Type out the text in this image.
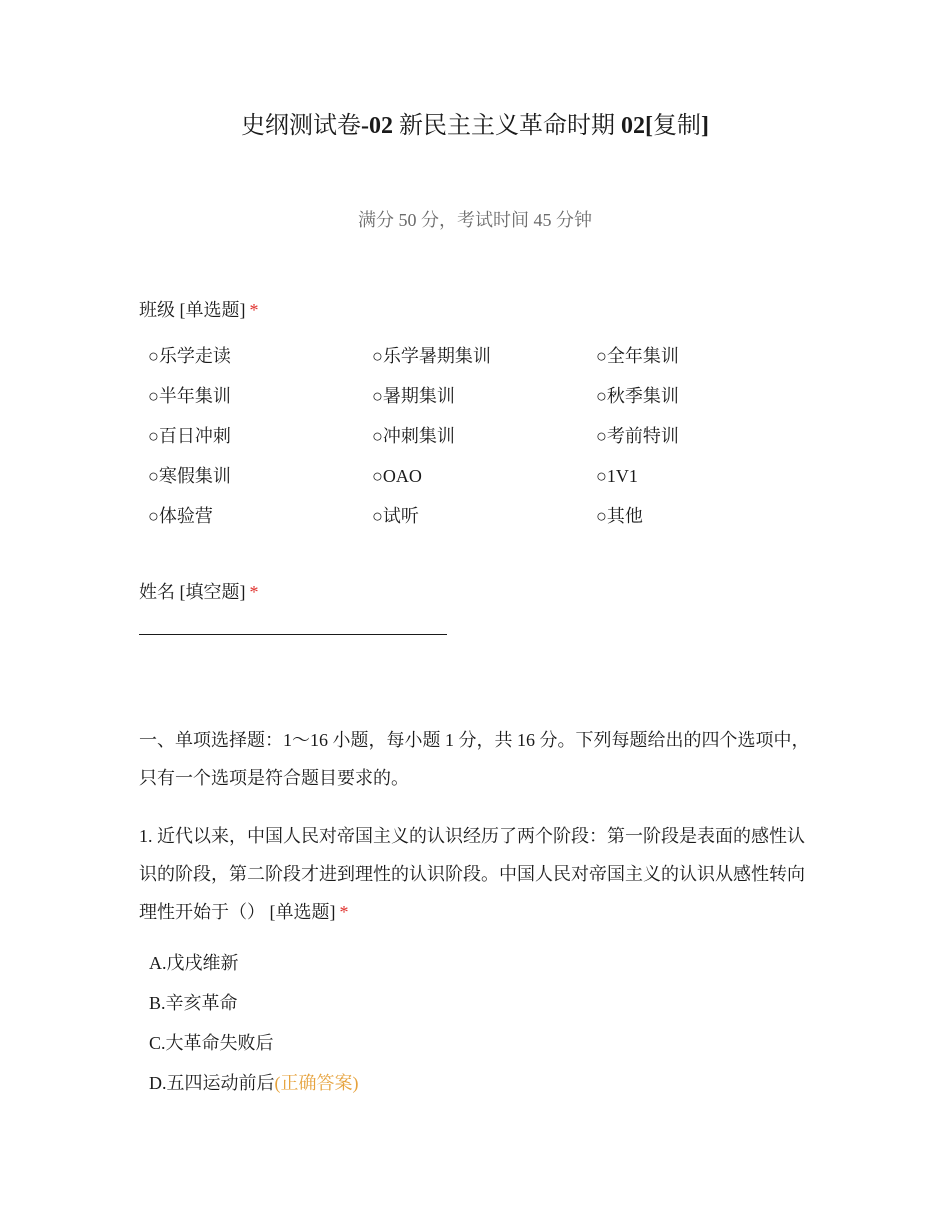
史纲测试卷-02 新民主主义革命时期 02[复制]
满分 50 分，考试时间 45 分钟
班级 [单选题] *
○乐学走读	○乐学暑期集训	○全年集训
○半年集训	○暑期集训	○秋季集训
○百日冲刺	○冲刺集训	○考前特训
○寒假集训	○OAO	○1V1
○体验营	○试听	○其他
姓名 [填空题] *
一、单项选择题：1～16 小题，每小题 1 分，共 16 分。下列每题给出的四个选项中，只有一个选项是符合题目要求的。
1. 近代以来，中国人民对帝国主义的认识经历了两个阶段：第一阶段是表面的感性认识的阶段，第二阶段才进到理性的认识阶段。中国人民对帝国主义的认识从感性转向理性开始于（） [单选题] *
A.戊戌维新
B.辛亥革命
C.大革命失败后
D.五四运动前后(正确答案)
